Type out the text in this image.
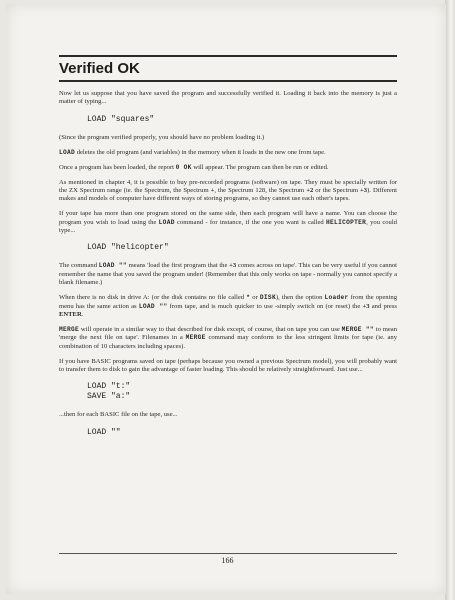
Verified OK

Now let us suppose that you have saved the program and successfully verified it. Loading it back into the memory is just a matter of typing...

LOAD "squares"

(Since the program verified properly, you should have no problem loading it.)

LOAD deletes the old program (and variables) in the memory when it loads in the new one from tape.

Once a program has been loaded, the report 0 OK will appear. The program can then be run or edited.

As mentioned in chapter 4, it is possible to buy pre-recorded programs (software) on tape. They must be specially written for the ZX Spectrum range (ie. the Spectrum, the Spectrum +, the Spectrum 128, the Spectrum +2 or the Spectrum +3). Different makes and models of computer have different ways of storing programs, so they cannot use each other's tapes.

If your tape has more than one program stored on the same side, then each program will have a name. You can choose the program you wish to load using the LOAD command - for instance, if the one you want is called HELICOPTER, you could type...

LOAD "helicopter"

The command LOAD "" means 'load the first program that the +3 comes across on tape'. This can be very useful if you cannot remember the name that you saved the program under! (Remember that this only works on tape - normally you cannot specify a blank filename.)

When there is no disk in drive A: (or the disk contains no file called * or DISK), then the option Loader from the opening menu has the same action as LOAD "" from tape, and is much quicker to use -simply switch on (or reset) the +3 and press ENTER.

MERGE will operate in a similar way to that described for disk except, of course, that on tape you can use MERGE "" to mean 'merge the next file on tape'. Filenames in a MERGE command may conform to the less stringent limits for tape (ie. any combination of 10 characters including spaces).

If you have BASIC programs saved on tape (perhaps because you owned a previous Spectrum model), you will probably want to transfer them to disk to gain the advantage of faster loading. This should be relatively straightforward. Just use...

LOAD "t:"
SAVE "a:"

...then for each BASIC file on the tape, use...

LOAD ""
166
